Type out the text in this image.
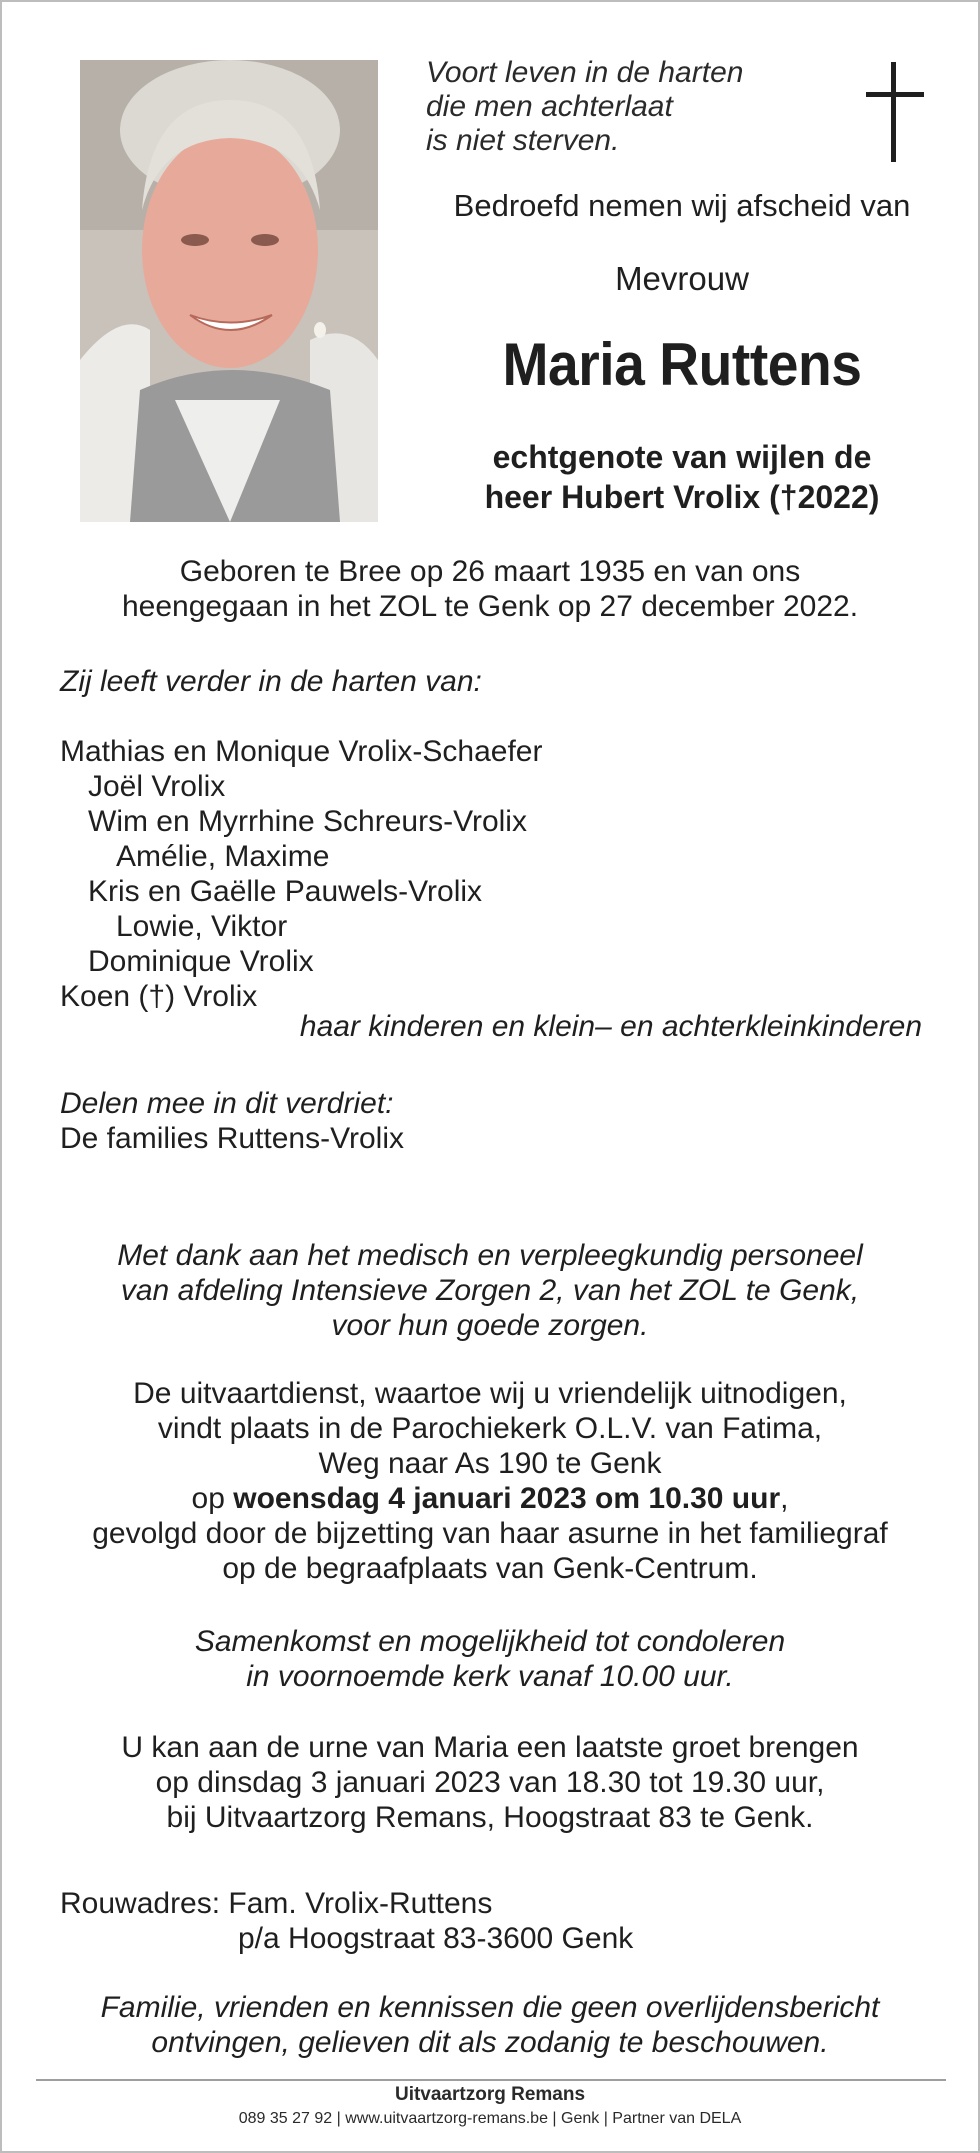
Voort leven in de harten
die men achterlaat
is niet sterven.
Bedroefd nemen wij afscheid van
Mevrouw
Maria Ruttens
echtgenote van wijlen de
heer Hubert Vrolix (†2022)
Geboren te Bree op 26 maart 1935 en van ons
heengegaan in het ZOL te Genk op 27 december 2022.
Zij leeft verder in de harten van:
Mathias en Monique Vrolix-Schaefer
Joël Vrolix
Wim en Myrrhine Schreurs-Vrolix
Amélie, Maxime
Kris en Gaëlle Pauwels-Vrolix
Lowie, Viktor
Dominique Vrolix
Koen (†) Vrolix
haar kinderen en klein– en achterkleinkinderen
Delen mee in dit verdriet:
De families Ruttens-Vrolix
Met dank aan het medisch en verpleegkundig personeel
van afdeling Intensieve Zorgen 2, van het ZOL te Genk,
voor hun goede zorgen.
De uitvaartdienst, waartoe wij u vriendelijk uitnodigen,
vindt plaats in de Parochiekerk O.L.V. van Fatima,
Weg naar As 190 te Genk
op woensdag 4 januari 2023 om 10.30 uur,
gevolgd door de bijzetting van haar asurne in het familiegraf
op de begraafplaats van Genk-Centrum.
Samenkomst en mogelijkheid tot condoleren
in voornoemde kerk vanaf 10.00 uur.
U kan aan de urne van Maria een laatste groet brengen
op dinsdag 3 januari 2023 van 18.30 tot 19.30 uur,
bij Uitvaartzorg Remans, Hoogstraat 83 te Genk.
Rouwadres: Fam. Vrolix-Ruttens
p/a Hoogstraat 83-3600 Genk
Familie, vrienden en kennissen die geen overlijdensbericht
ontvingen, gelieven dit als zodanig te beschouwen.
Uitvaartzorg Remans
089 35 27 92 | www.uitvaartzorg-remans.be | Genk | Partner van DELA
